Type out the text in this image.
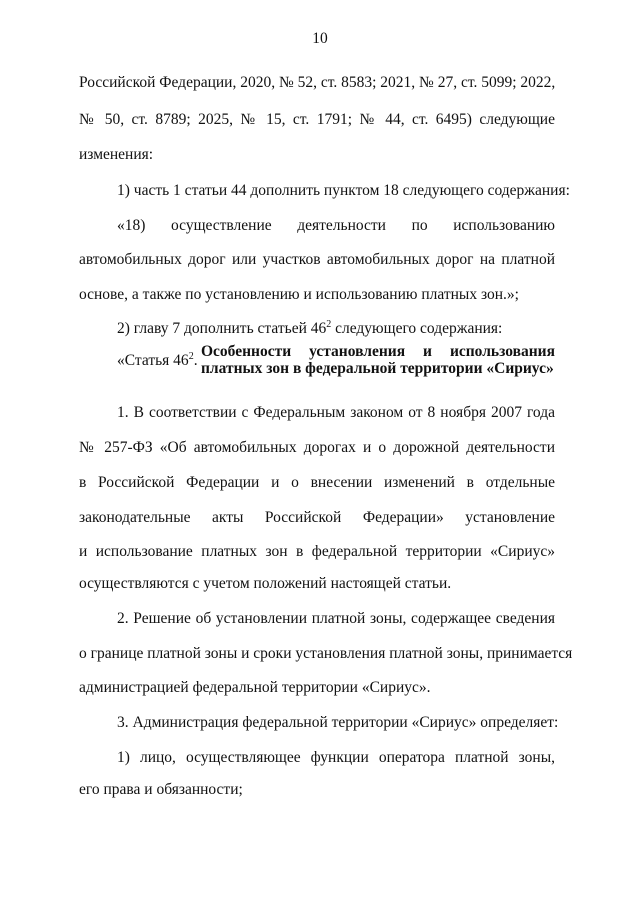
10
Российской Федерации, 2020, № 52, ст. 8583; 2021, № 27, ст. 5099; 2022,
№ 50, ст. 8789; 2025, № 15, ст. 1791; № 44, ст. 6495) следующие
изменения:
1) часть 1 статьи 44 дополнить пунктом 18 следующего содержания:
«18) осуществление деятельности по использованию
автомобильных дорог или участков автомобильных дорог на платной
основе, а также по установлению и использованию платных зон.»;
2) главу 7 дополнить статьей $46^2$ следующего содержания:
«Статья $46^2$.
Особенности установления и использования
платных зон в федеральной территории «Сириус»
1. В соответствии с Федеральным законом от 8 ноября 2007 года
№ 257-ФЗ «Об автомобильных дорогах и о дорожной деятельности
в Российской Федерации и о внесении изменений в отдельные
законодательные акты Российской Федерации» установление
и использование платных зон в федеральной территории «Сириус»
осуществляются с учетом положений настоящей статьи.
2. Решение об установлении платной зоны, содержащее сведения
о границе платной зоны и сроки установления платной зоны, принимается
администрацией федеральной территории «Сириус».
3. Администрация федеральной территории «Сириус» определяет:
1) лицо, осуществляющее функции оператора платной зоны,
его права и обязанности;
